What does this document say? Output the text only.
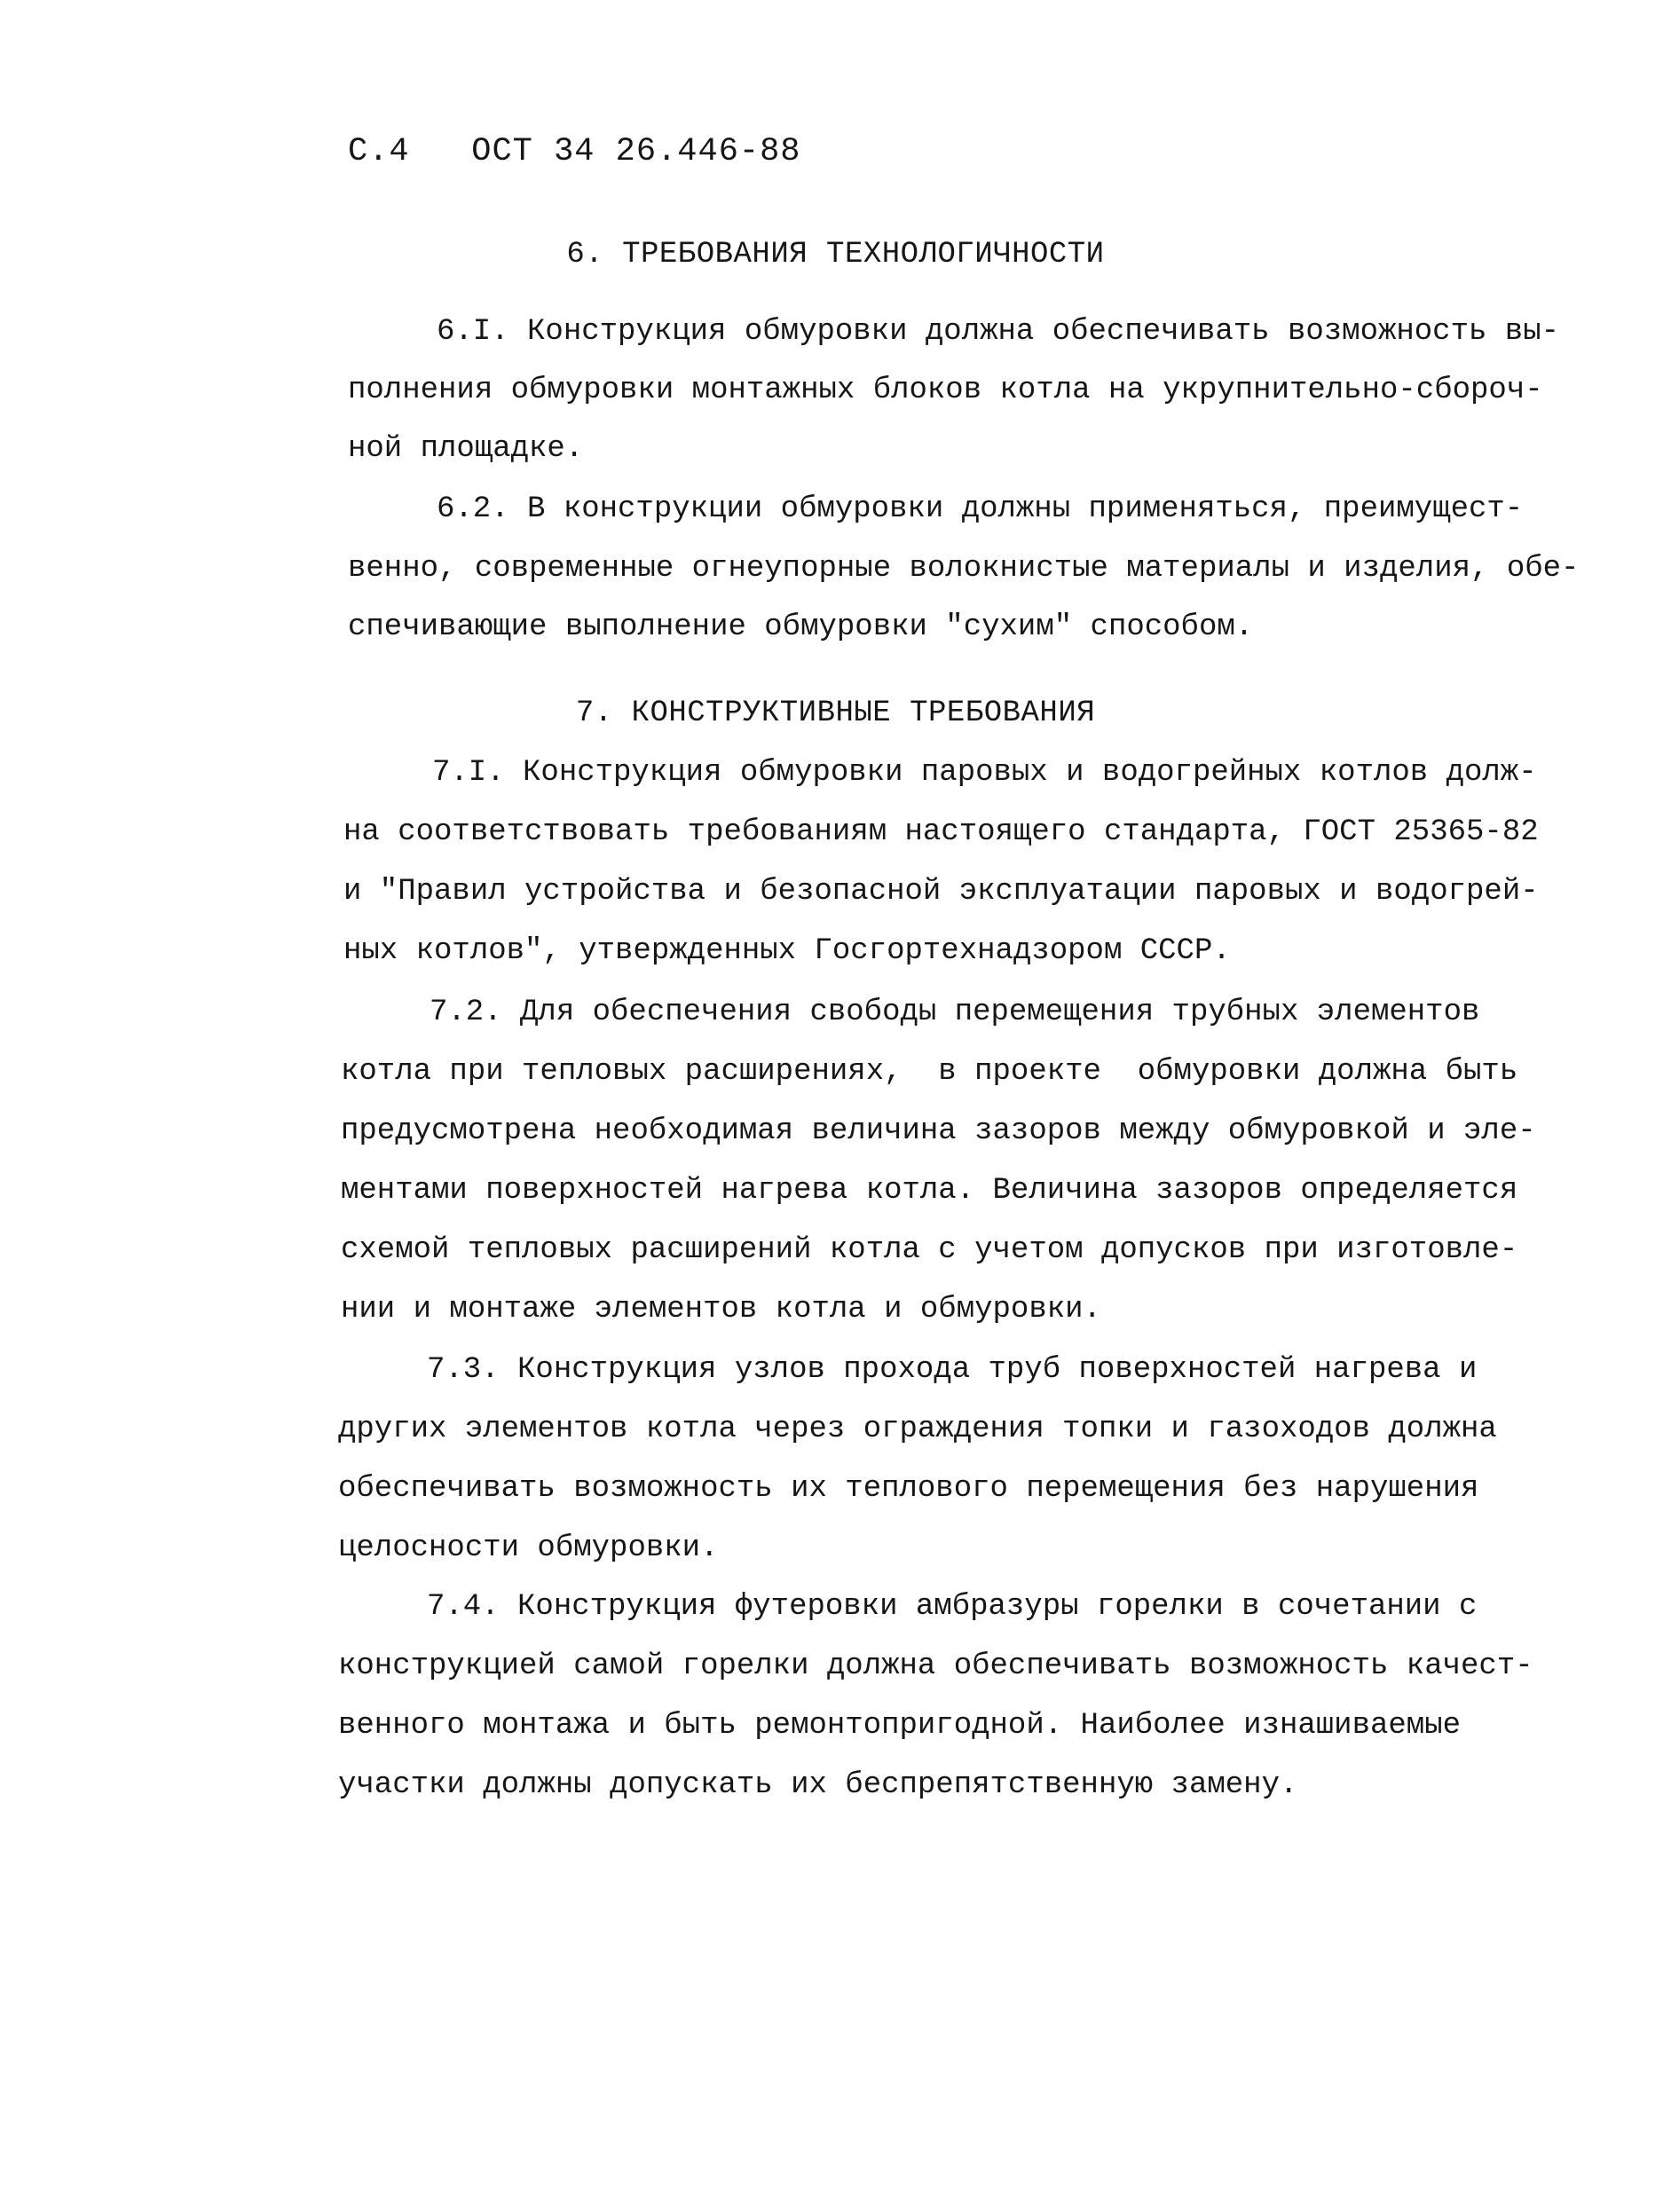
С.4 ОСТ 34 26.446-88
6. ТРЕБОВАНИЯ ТЕХНОЛОГИЧНОСТИ
6.I. Конструкция обмуровки должна обеспечивать возможность вы-
полнения обмуровки монтажных блоков котла на укрупнительно-сбороч-
ной площадке.
6.2. В конструкции обмуровки должны применяться, преимущест-
венно, современные огнеупорные волокнистые материалы и изделия, обе-
спечивающие выполнение обмуровки "сухим" способом.
7. КОНСТРУКТИВНЫЕ ТРЕБОВАНИЯ
7.I. Конструкция обмуровки паровых и водогрейных котлов долж-
на соответствовать требованиям настоящего стандарта, ГОСТ 25365-82
и "Правил устройства и безопасной эксплуатации паровых и водогрей-
ных котлов", утвержденных Госгортехнадзором СССР.
7.2. Для обеспечения свободы перемещения трубных элементов
котла при тепловых расширениях,  в проекте  обмуровки должна быть
предусмотрена необходимая величина зазоров между обмуровкой и эле-
ментами поверхностей нагрева котла. Величина зазоров определяется
схемой тепловых расширений котла с учетом допусков при изготовле-
нии и монтаже элементов котла и обмуровки.
7.3. Конструкция узлов прохода труб поверхностей нагрева и
других элементов котла через ограждения топки и газоходов должна
обеспечивать возможность их теплового перемещения без нарушения
целосности обмуровки.
7.4. Конструкция футеровки амбразуры горелки в сочетании с
конструкцией самой горелки должна обеспечивать возможность качест-
венного монтажа и быть ремонтопригодной. Наиболее изнашиваемые
участки должны допускать их беспрепятственную замену.
